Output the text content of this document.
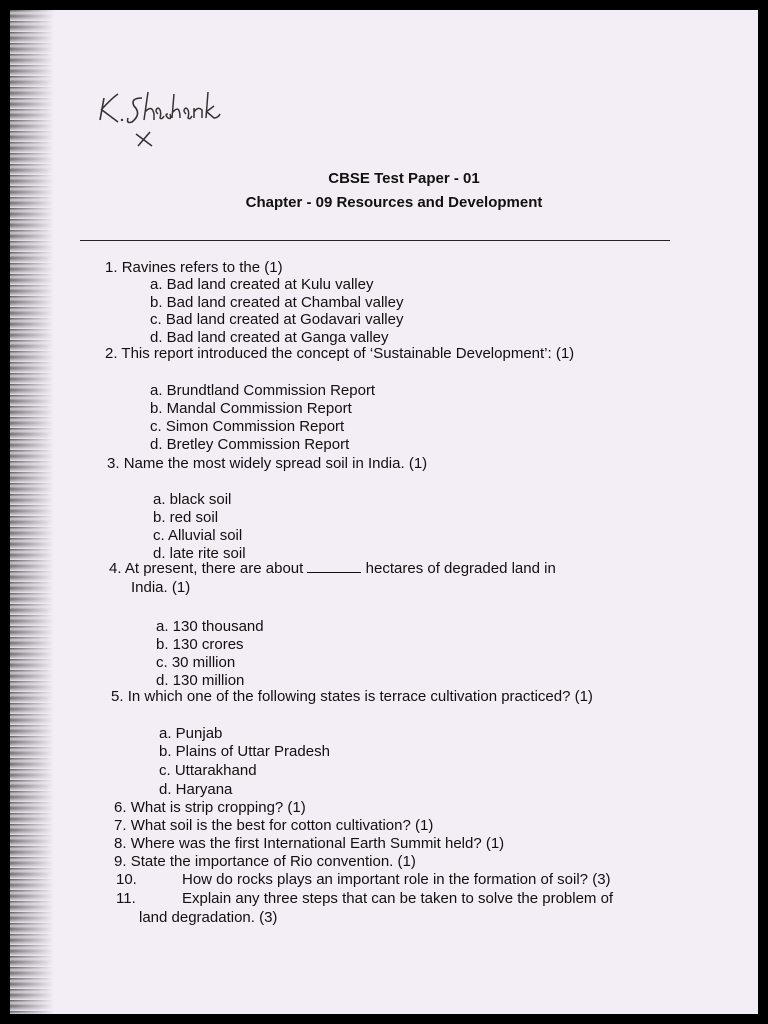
CBSE Test Paper - 01
Chapter - 09 Resources and Development
1. Ravines refers to the (1)
a. Bad land created at Kulu valley
b. Bad land created at Chambal valley
c. Bad land created at Godavari valley
d. Bad land created at Ganga valley
2. This report introduced the concept of ‘Sustainable Development’: (1)
a. Brundtland Commission Report
b. Mandal Commission Report
c. Simon Commission Report
d. Bretley Commission Report
3. Name the most widely spread soil in India. (1)
a. black soil
b. red soil
c. Alluvial soil
d. late rite soil
4. At present, there are about	hectares of degraded land in
India. (1)
a. 130 thousand
b. 130 crores
c. 30 million
d. 130 million
5. In which one of the following states is terrace cultivation practiced? (1)
a. Punjab
b. Plains of Uttar Pradesh
c. Uttarakhand
d. Haryana
6. What is strip cropping? (1)
7. What soil is the best for cotton cultivation? (1)
8. Where was the first International Earth Summit held? (1)
9. State the importance of Rio convention. (1)
10.	How do rocks plays an important role in the formation of soil? (3)
11.	Explain any three steps that can be taken to solve the problem of
land degradation. (3)
